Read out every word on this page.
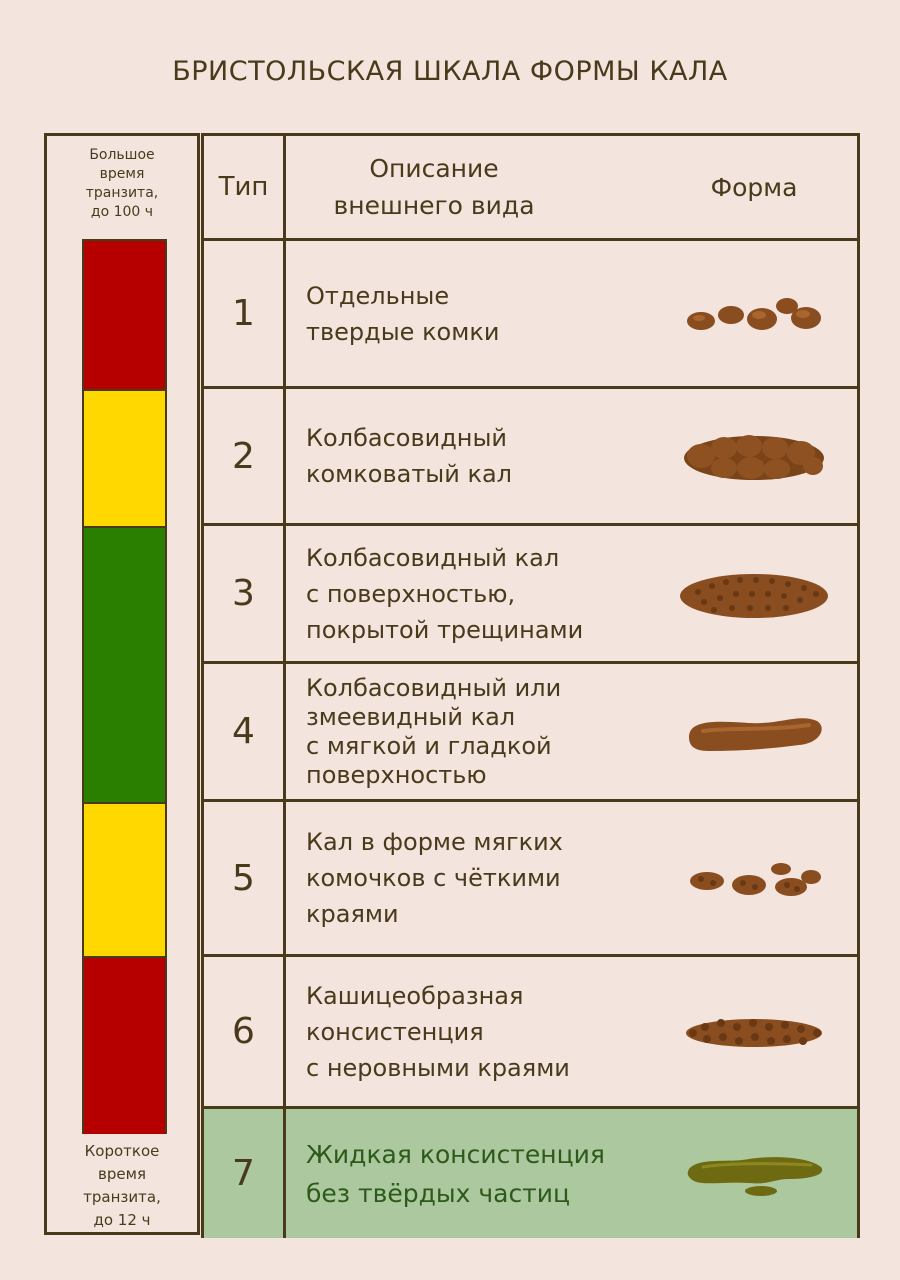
БРИСТОЛЬСКАЯ ШКАЛА ФОРМЫ КАЛА
Большое
время
транзита,
до 100 ч
Короткое
время
транзита,
до 12 ч
Тип
Описание
внешнего вида
Форма
1	Отдельные
твердые комки
2	Колбасовидный
комковатый кал
3
Колбасовидный кал
с поверхностью,
покрытой трещинами
4
Колбасовидный или
змеевидный кал
с мягкой и гладкой
поверхностью
5
Кал в форме мягких
комочков с чёткими
краями
6
Кашицеобразная
консистенция
с неровными краями
7	Жидкая консистенция
без твёрдых частиц
